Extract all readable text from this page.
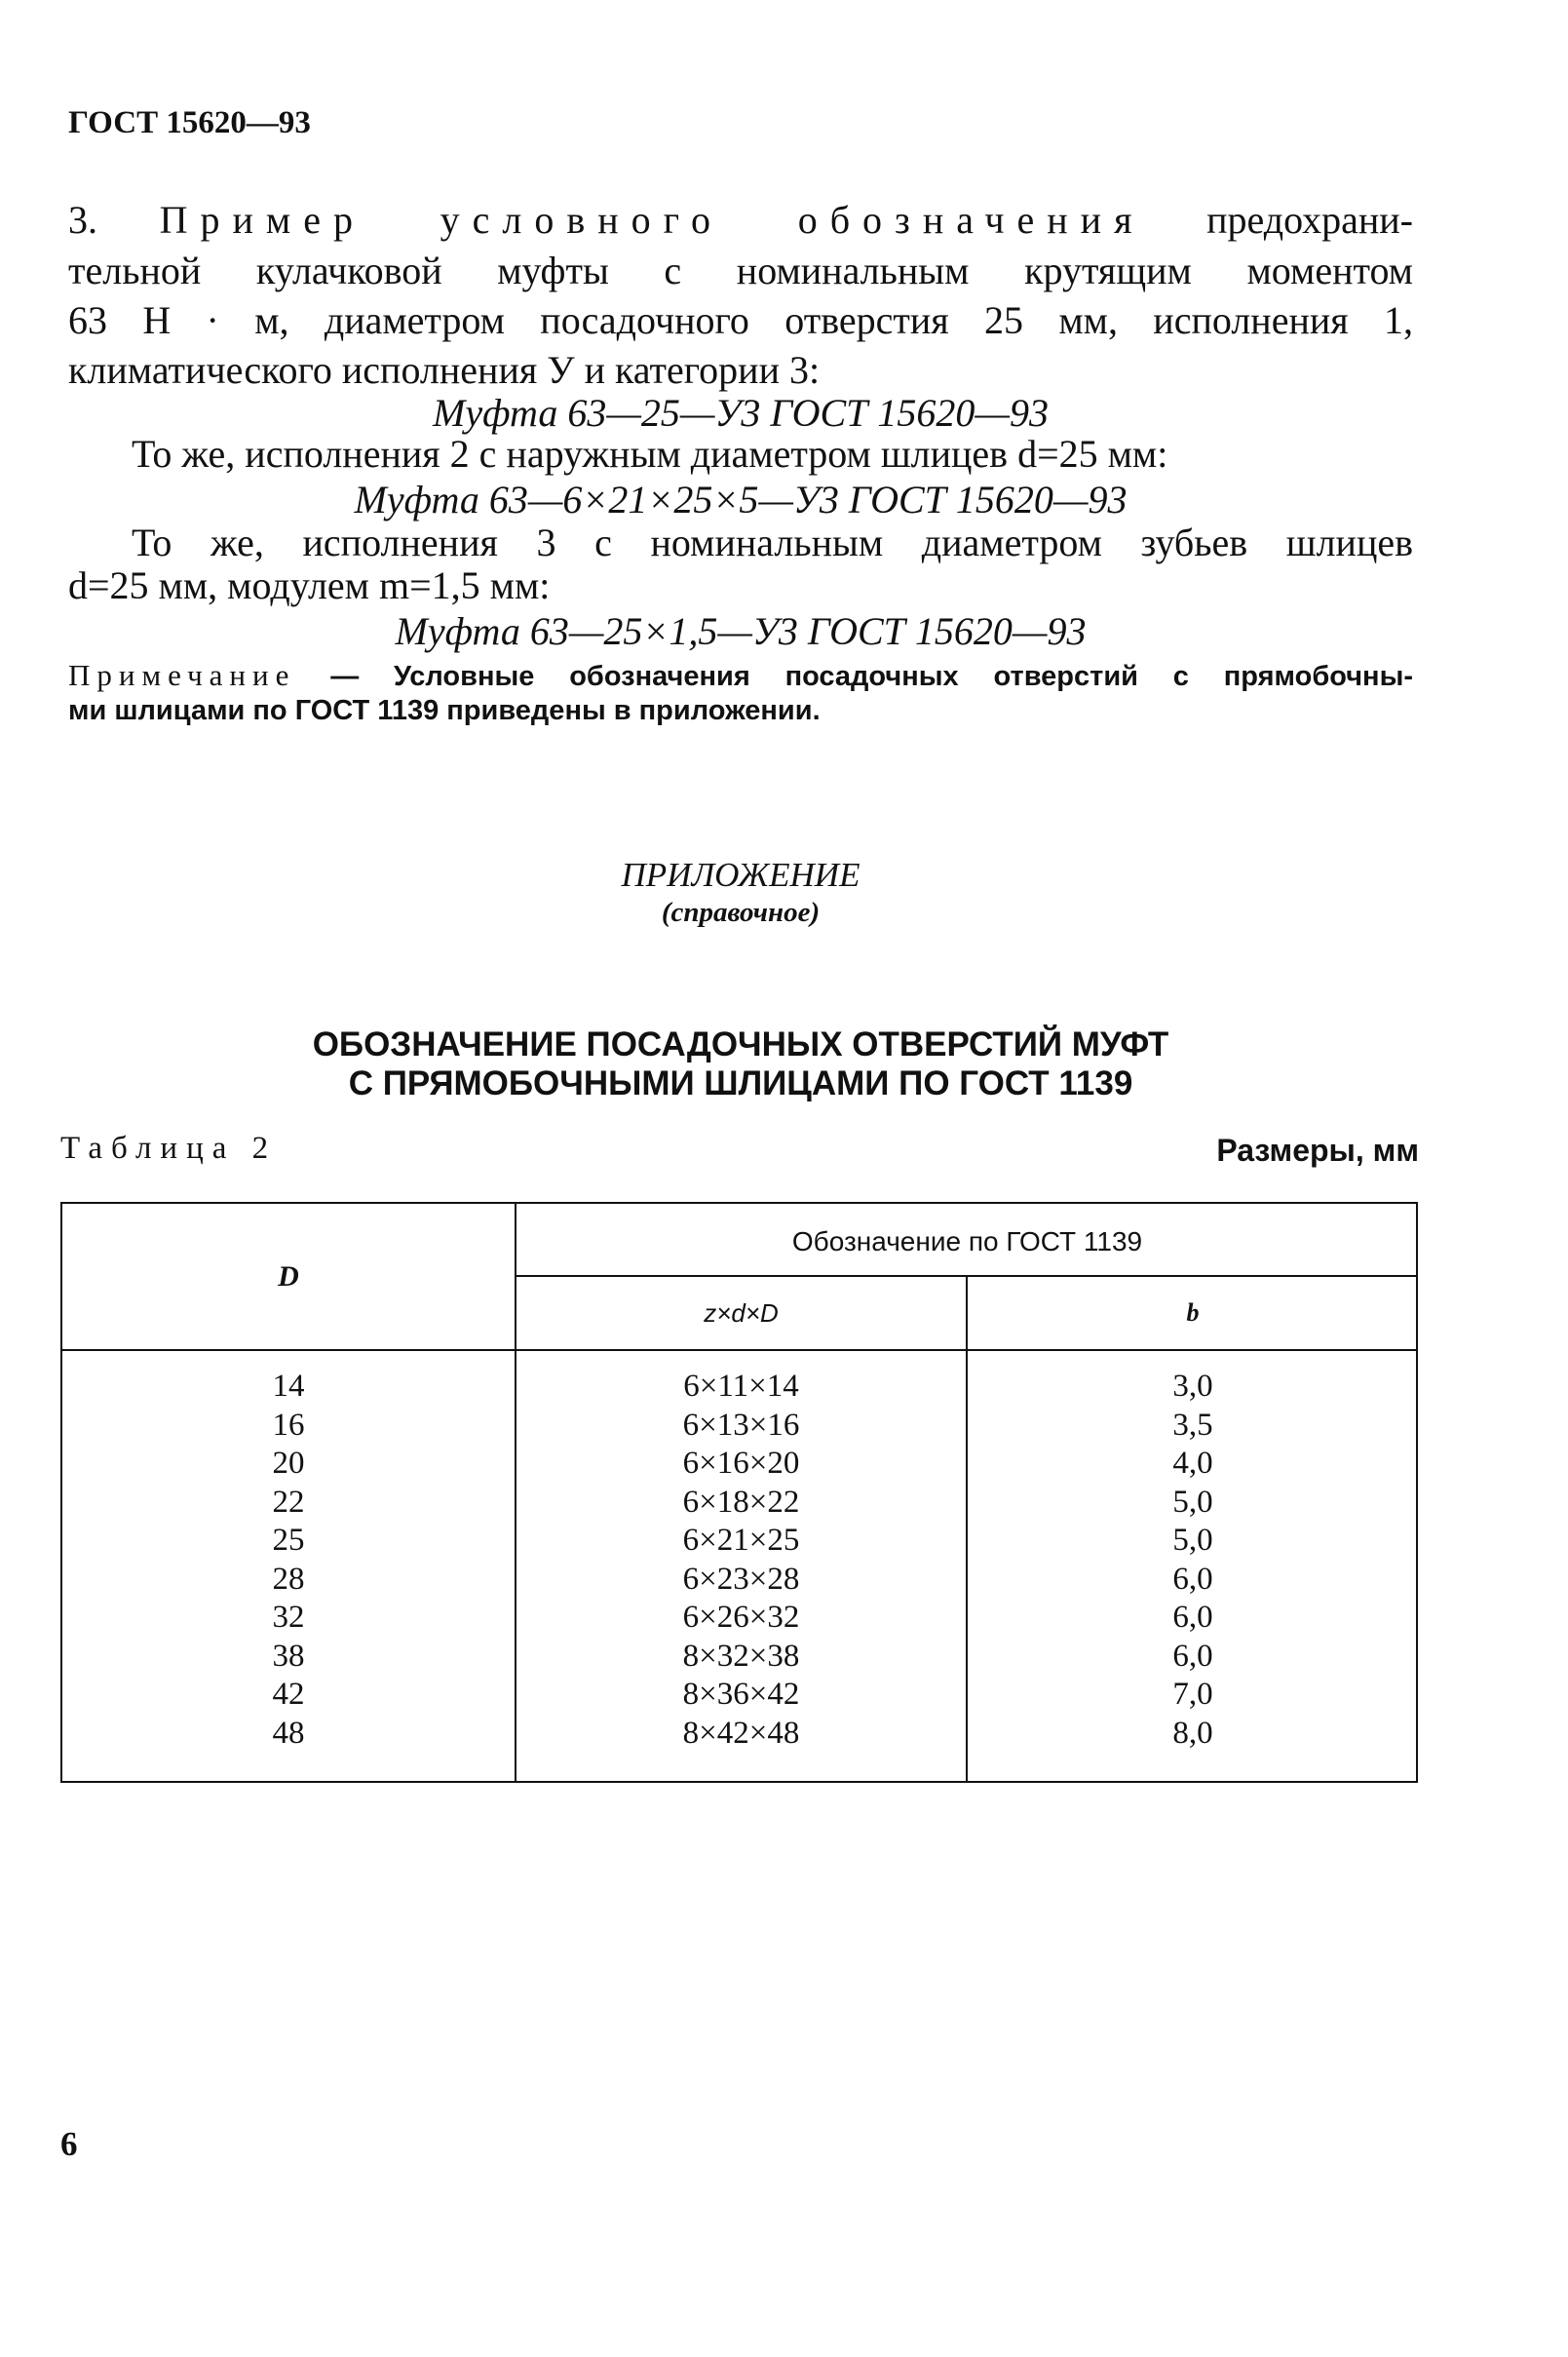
ГОСТ 15620—93
3. Пример условного обозначения предохрани-
тельной кулачковой муфты с номинальным крутящим моментом
63 Н · м, диаметром посадочного отверстия 25 мм, исполнения 1,
климатического исполнения У и категории 3:
Муфта 63—25—У3 ГОСТ 15620—93
То же, исполнения 2 с наружным диаметром шлицев d=25 мм:
Муфта 63—6×21×25×5—У3 ГОСТ 15620—93
То же, исполнения 3 с номинальным диаметром зубьев шлицев
d=25 мм, модулем m=1,5 мм:
Муфта 63—25×1,5—У3 ГОСТ 15620—93
Примечание — Условные обозначения посадочных отверстий с прямобочны-
ми шлицами по ГОСТ 1139 приведены в приложении.
ПРИЛОЖЕНИЕ
(справочное)
ОБОЗНАЧЕНИЕ ПОСАДОЧНЫХ ОТВЕРСТИЙ МУФТ
С ПРЯМОБОЧНЫМИ ШЛИЦАМИ ПО ГОСТ 1139
Таблица 2	Размеры, мм
D
Обозначение по ГОСТ 1139
z×d×D	b
14
16
20
22
25
28
32
38
42
48
6×11×14
6×13×16
6×16×20
6×18×22
6×21×25
6×23×28
6×26×32
8×32×38
8×36×42
8×42×48
3,0
3,5
4,0
5,0
5,0
6,0
6,0
6,0
7,0
8,0
6
